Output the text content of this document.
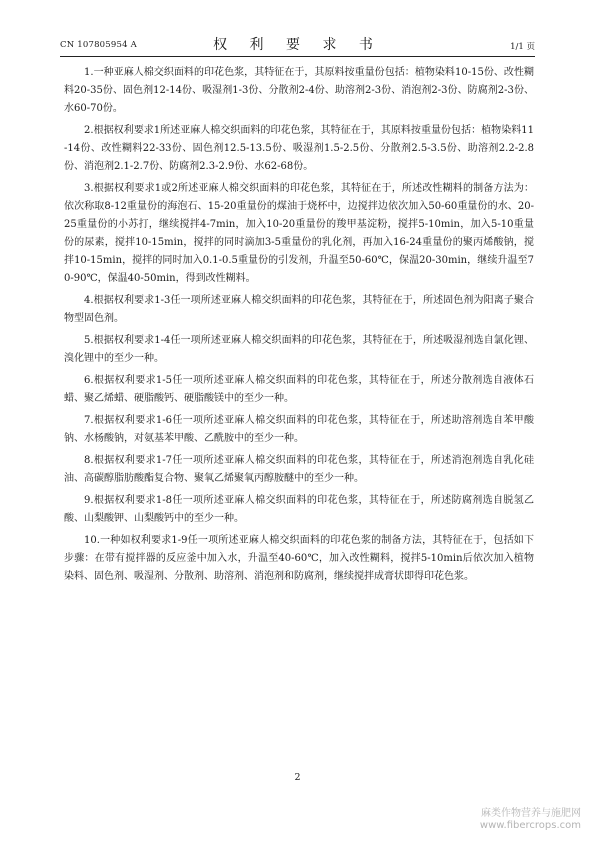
CN 107805954 A	权 利 要 求 书	1/1 页

1.一种亚麻人棉交织面料的印花色浆，其特征在于，其原料按重量份包括：植物染料10-15份、改性糊料20-35份、固色剂12-14份、吸湿剂1-3份、分散剂2-4份、助溶剂2-3份、消泡剂2-3份、防腐剂2-3份、水60-70份。

2.根据权利要求1所述亚麻人棉交织面料的印花色浆，其特征在于，其原料按重量份包括：植物染料11-14份、改性糊料22-33份、固色剂12.5-13.5份、吸湿剂1.5-2.5份、分散剂2.5-3.5份、助溶剂2.2-2.8份、消泡剂2.1-2.7份、防腐剂2.3-2.9份、水62-68份。

3.根据权利要求1或2所述亚麻人棉交织面料的印花色浆，其特征在于，所述改性糊料的制备方法为：依次称取8-12重量份的海泡石、15-20重量份的煤油于烧杯中，边搅拌边依次加入50-60重量份的水、20-25重量份的小苏打，继续搅拌4-7min，加入10-20重量份的羧甲基淀粉，搅拌5-10min，加入5-10重量份的尿素，搅拌10-15min，搅拌的同时滴加3-5重量份的乳化剂，再加入16-24重量份的聚丙烯酸钠，搅拌10-15min，搅拌的同时加入0.1-0.5重量份的引发剂，升温至50-60℃，保温20-30min，继续升温至70-90℃，保温40-50min，得到改性糊料。

4.根据权利要求1-3任一项所述亚麻人棉交织面料的印花色浆，其特征在于，所述固色剂为阳离子聚合物型固色剂。

5.根据权利要求1-4任一项所述亚麻人棉交织面料的印花色浆，其特征在于，所述吸湿剂选自氯化锂、溴化锂中的至少一种。

6.根据权利要求1-5任一项所述亚麻人棉交织面料的印花色浆，其特征在于，所述分散剂选自液体石蜡、聚乙烯蜡、硬脂酸钙、硬脂酸镁中的至少一种。

7.根据权利要求1-6任一项所述亚麻人棉交织面料的印花色浆，其特征在于，所述助溶剂选自苯甲酸钠、水杨酸钠，对氨基苯甲酸、乙酰胺中的至少一种。

8.根据权利要求1-7任一项所述亚麻人棉交织面料的印花色浆，其特征在于，所述消泡剂选自乳化硅油、高碳醇脂肪酸酯复合物、聚氧乙烯聚氧丙醇胺醚中的至少一种。

9.根据权利要求1-8任一项所述亚麻人棉交织面料的印花色浆，其特征在于，所述防腐剂选自脱氢乙酸、山梨酸钾、山梨酸钙中的至少一种。

10.一种如权利要求1-9任一项所述亚麻人棉交织面料的印花色浆的制备方法，其特征在于，包括如下步骤：在带有搅拌器的反应釜中加入水，升温至40-60℃，加入改性糊料，搅拌5-10min后依次加入植物染料、固色剂、吸湿剂、分散剂、助溶剂、消泡剂和防腐剂，继续搅拌成膏状即得印花色浆。

2
麻类作物营养与施肥网
www.fibercrops.com
